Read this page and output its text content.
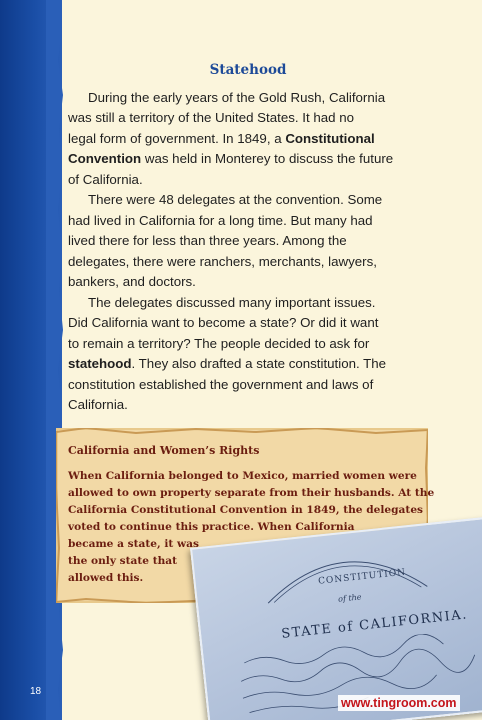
Statehood

During the early years of the Gold Rush, California
was still a territory of the United States. It had no
legal form of government. In 1849, a Constitutional
Convention was held in Monterey to discuss the future
of California.

There were 48 delegates at the convention. Some
had lived in California for a long time. But many had
lived there for less than three years. Among the
delegates, there were ranchers, merchants, lawyers,
bankers, and doctors.

The delegates discussed many important issues.
Did California want to become a state? Or did it want
to remain a territory? The people decided to ask for
statehood. They also drafted a state constitution. The
constitution established the government and laws of
California.

California and Women’s Rights
When California belonged to Mexico, married women were
allowed to own property separate from their husbands. At the
California Constitutional Convention in 1849, the delegates
voted to continue this practice. When California
became a state, it was
the only state that
allowed this.	CONSTITUTION
of the
STATE of CALIFORNIA.
18
www.tingroom.com
